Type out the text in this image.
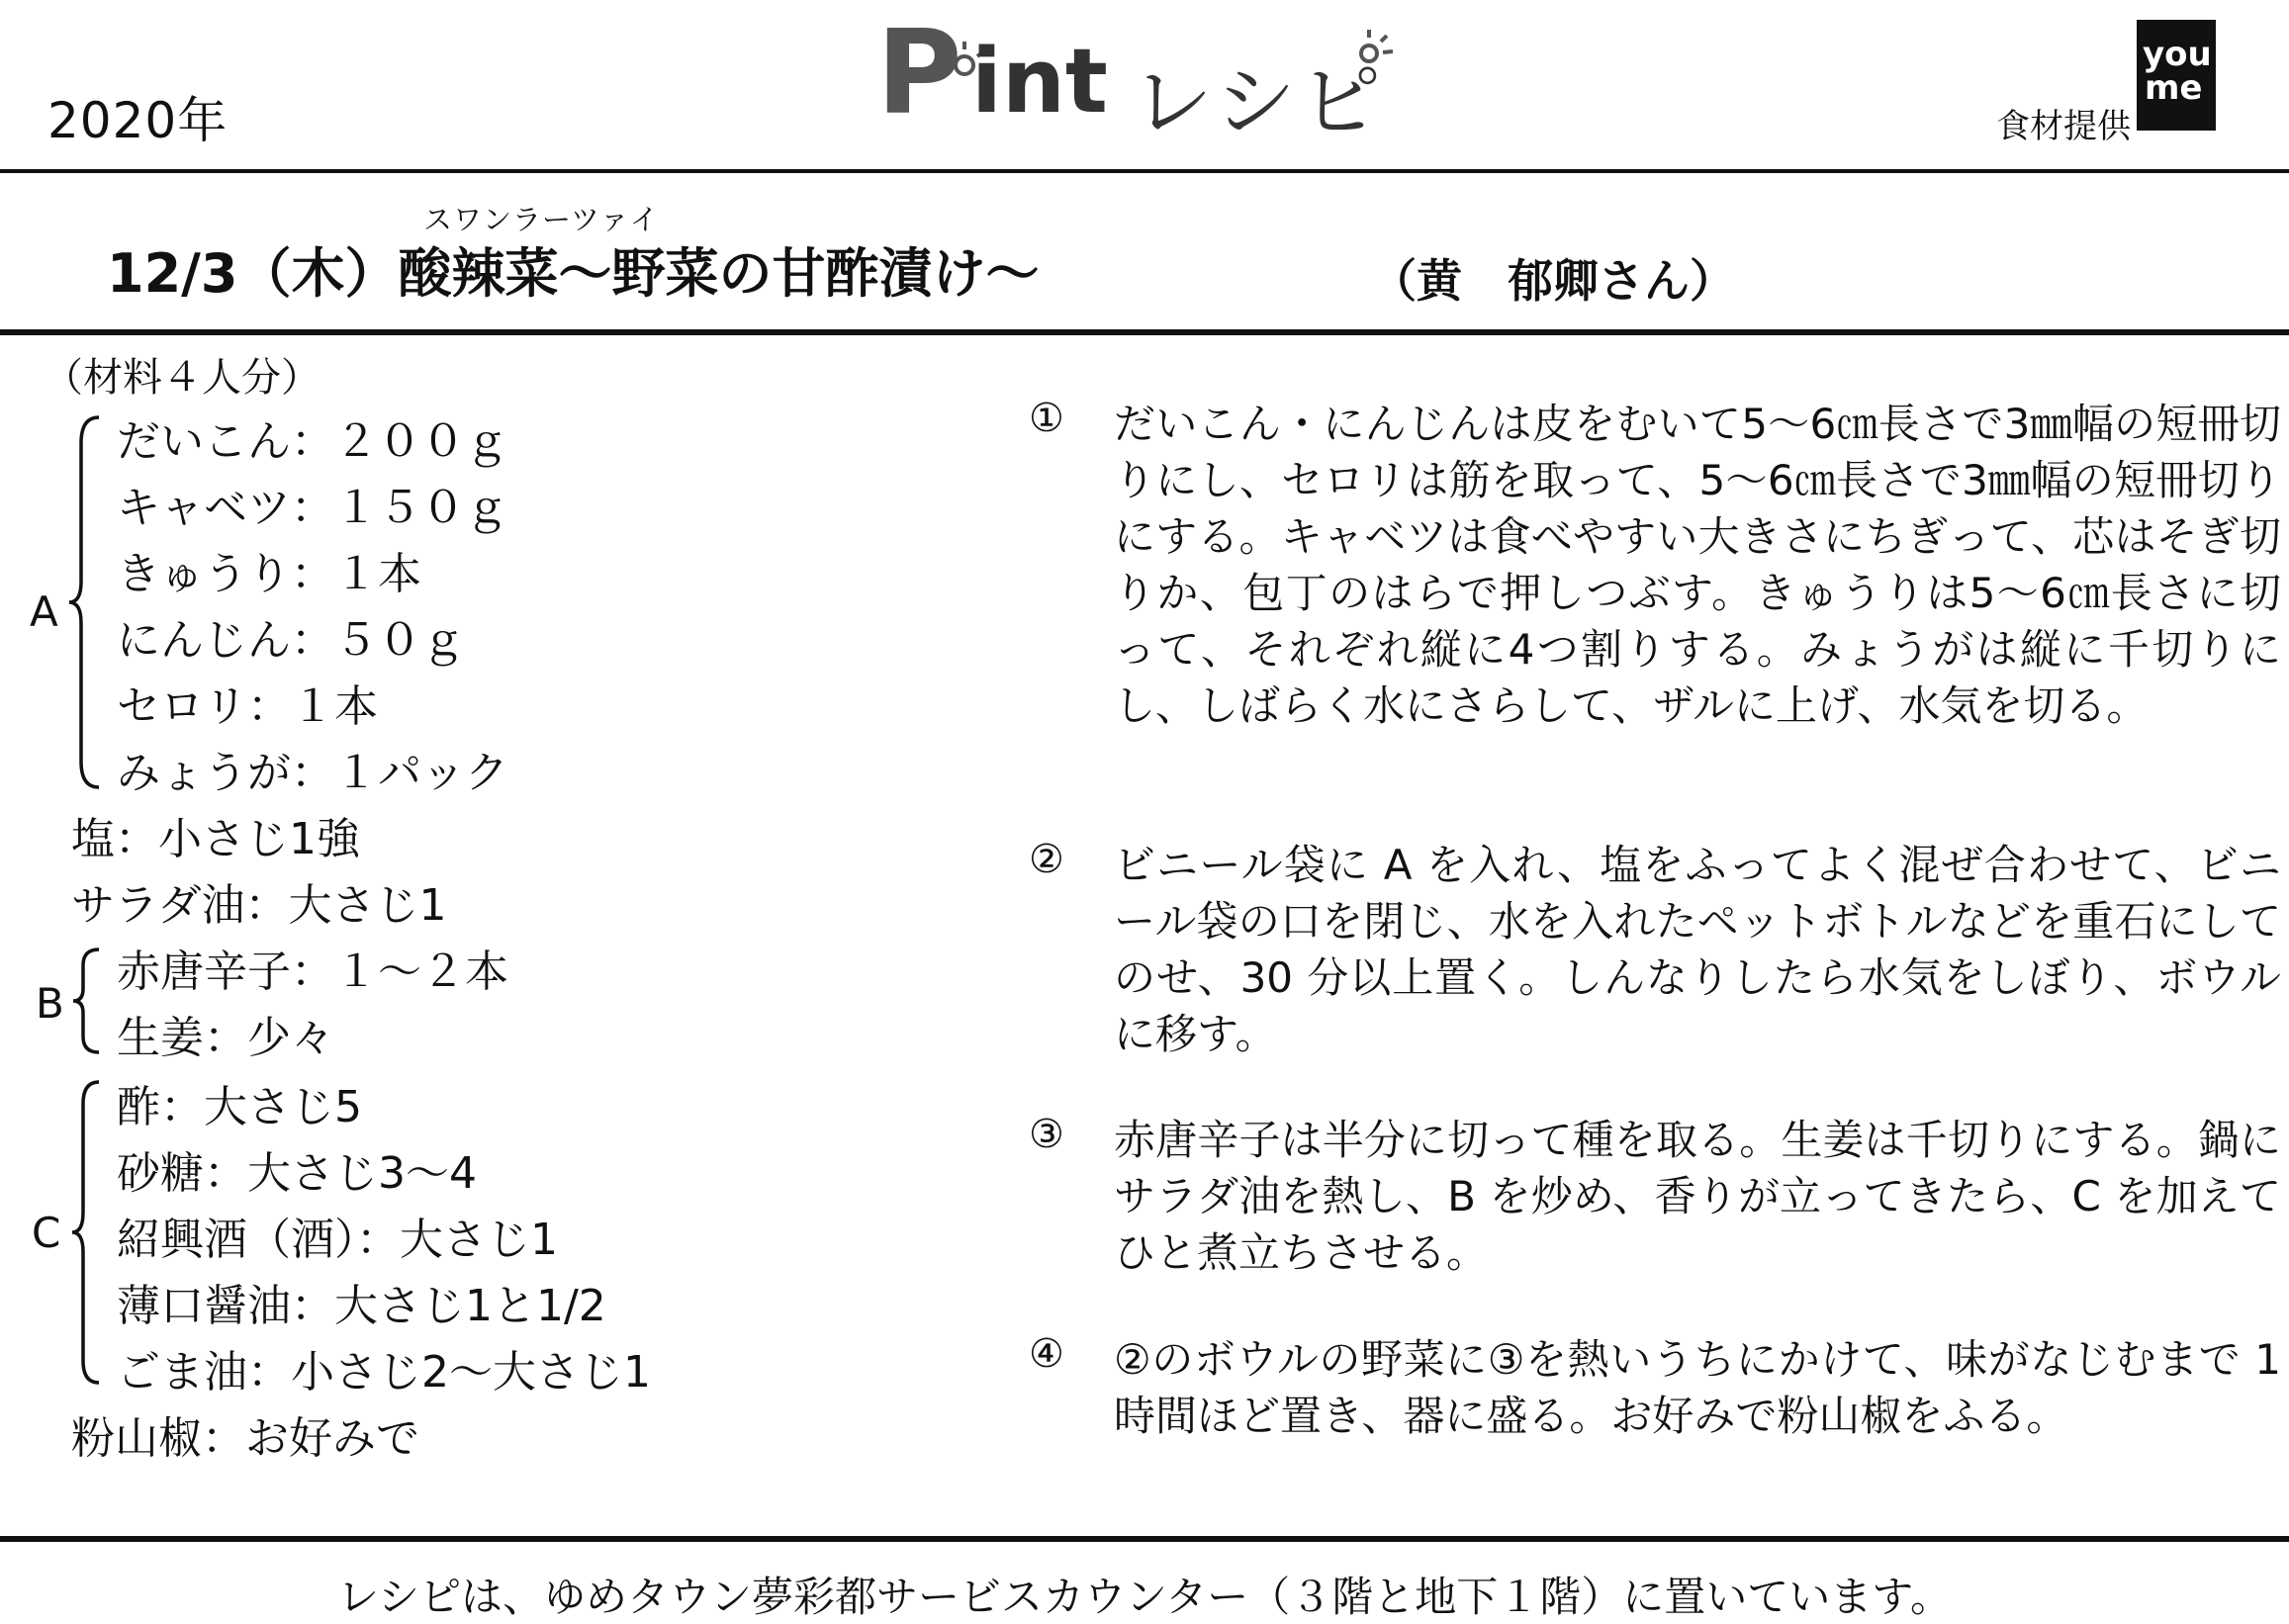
2020年	P int レシピ	食材提供
you
me
スワンラーツァイ
12/3（木）酸辣菜～野菜の甘酢漬け～	（黄　郁卿さん）
（材料４人分）
A
だいこん：２００ｇ
キャベツ：１５０ｇ
きゅうり：１本
にんじん：５０ｇ
セロリ：１本
みょうが：１パック
塩：小さじ1強
サラダ油：大さじ1
B
赤唐辛子：１～２本
生姜：少々
C
酢：大さじ5
砂糖：大さじ3～4
紹興酒（酒）：大さじ1
薄口醤油：大さじ1と1/2
ごま油：小さじ2～大さじ1
粉山椒：お好みで
① だいこん・にんじんは皮をむいて5～6㎝長さで3㎜幅の短冊切りにし、セロリは筋を取って、5～6㎝長さで3㎜幅の短冊切りにする。キャベツは食べやすい大きさにちぎって、芯はそぎ切りか、包丁のはらで押しつぶす。きゅうりは5～6㎝長さに切って、それぞれ縦に4つ割りする。みょうがは縦に千切りにし、しばらく水にさらして、ザルに上げ、水気を切る。
② ビニール袋に A を入れ、塩をふってよく混ぜ合わせて、ビニール袋の口を閉じ、水を入れたペットボトルなどを重石にしてのせ、30 分以上置く。しんなりしたら水気をしぼり、ボウルに移す。
③ 赤唐辛子は半分に切って種を取る。生姜は千切りにする。鍋にサラダ油を熱し、B を炒め、香りが立ってきたら、C を加えてひと煮立ちさせる。
④ ②のボウルの野菜に③を熱いうちにかけて、味がなじむまで 1 時間ほど置き、器に盛る。お好みで粉山椒をふる。
レシピは、ゆめタウン夢彩都サービスカウンター（３階と地下１階）に置いています。
